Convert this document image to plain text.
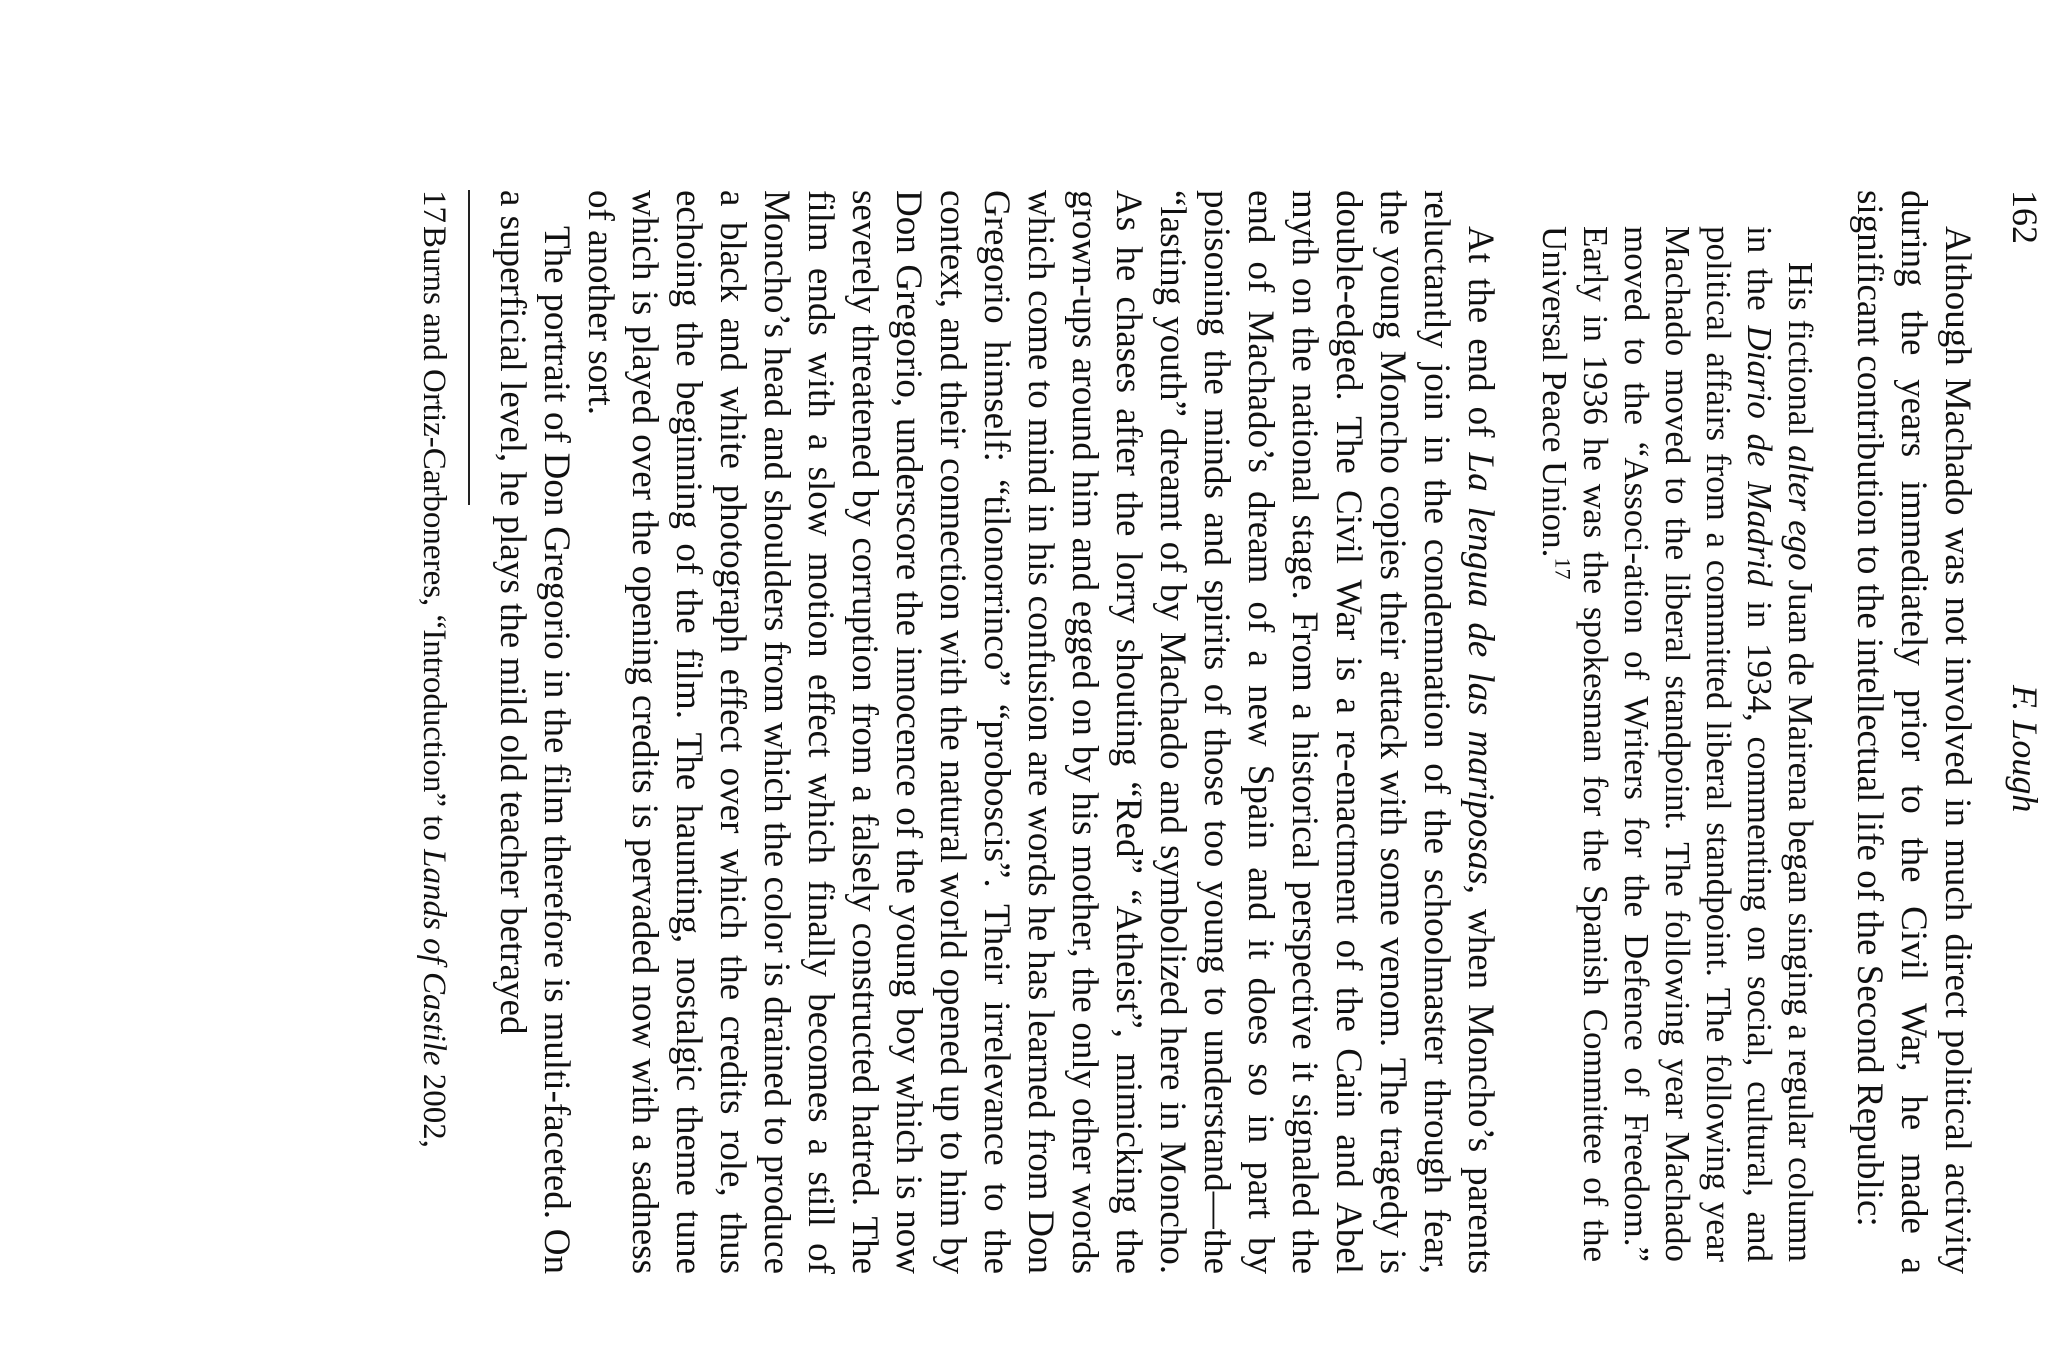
162
F. Lough

Although Machado was not involved in much direct political activity during the years immediately prior to the Civil War, he made a significant contribution to the intellectual life of the Second Republic:

His fictional alter ego Juan de Mairena began singing a regular column in the Diario de Madrid in 1934, commenting on social, cultural, and political affairs from a committed liberal standpoint. The following year Machado moved to the liberal standpoint. The following year Machado moved to the “Associ-ation of Writers for the Defence of Freedom.” Early in 1936 he was the spokesman for the Spanish Committee of the Universal Peace Union.$^{17}$

At the end of La lengua de las mariposas, when Moncho’s parents reluctantly join in the condemnation of the schoolmaster through fear, the young Moncho copies their attack with some venom. The tragedy is double-edged. The Civil War is a re-enactment of the Cain and Abel myth on the national stage. From a historical perspective it signaled the end of Machado’s dream of a new Spain and it does so in part by poisoning the minds and spirits of those too young to understand—the “lasting youth” dreamt of by Machado and symbolized here in Moncho. As he chases after the lorry shouting “Red” “Atheist”, mimicking the grown-ups around him and egged on by his mother, the only other words which come to mind in his confusion are words he has learned from Don Gregorio himself: “tilonorrinco” “proboscis”. Their irrelevance to the context, and their connection with the natural world opened up to him by Don Gregorio, underscore the innocence of the young boy which is now severely threatened by corruption from a falsely constructed hatred. The film ends with a slow motion effect which finally becomes a still of Moncho’s head and shoulders from which the color is drained to produce a black and white photograph effect over which the credits role, thus echoing the beginning of the film. The haunting, nostalgic theme tune which is played over the opening credits is pervaded now with a sadness of another sort.

The portrait of Don Gregorio in the film therefore is multi-faceted. On a superficial level, he plays the mild old teacher betrayed

17Burns and Ortiz-Carboneres, “Introduction” to Lands of Castile 2002,
